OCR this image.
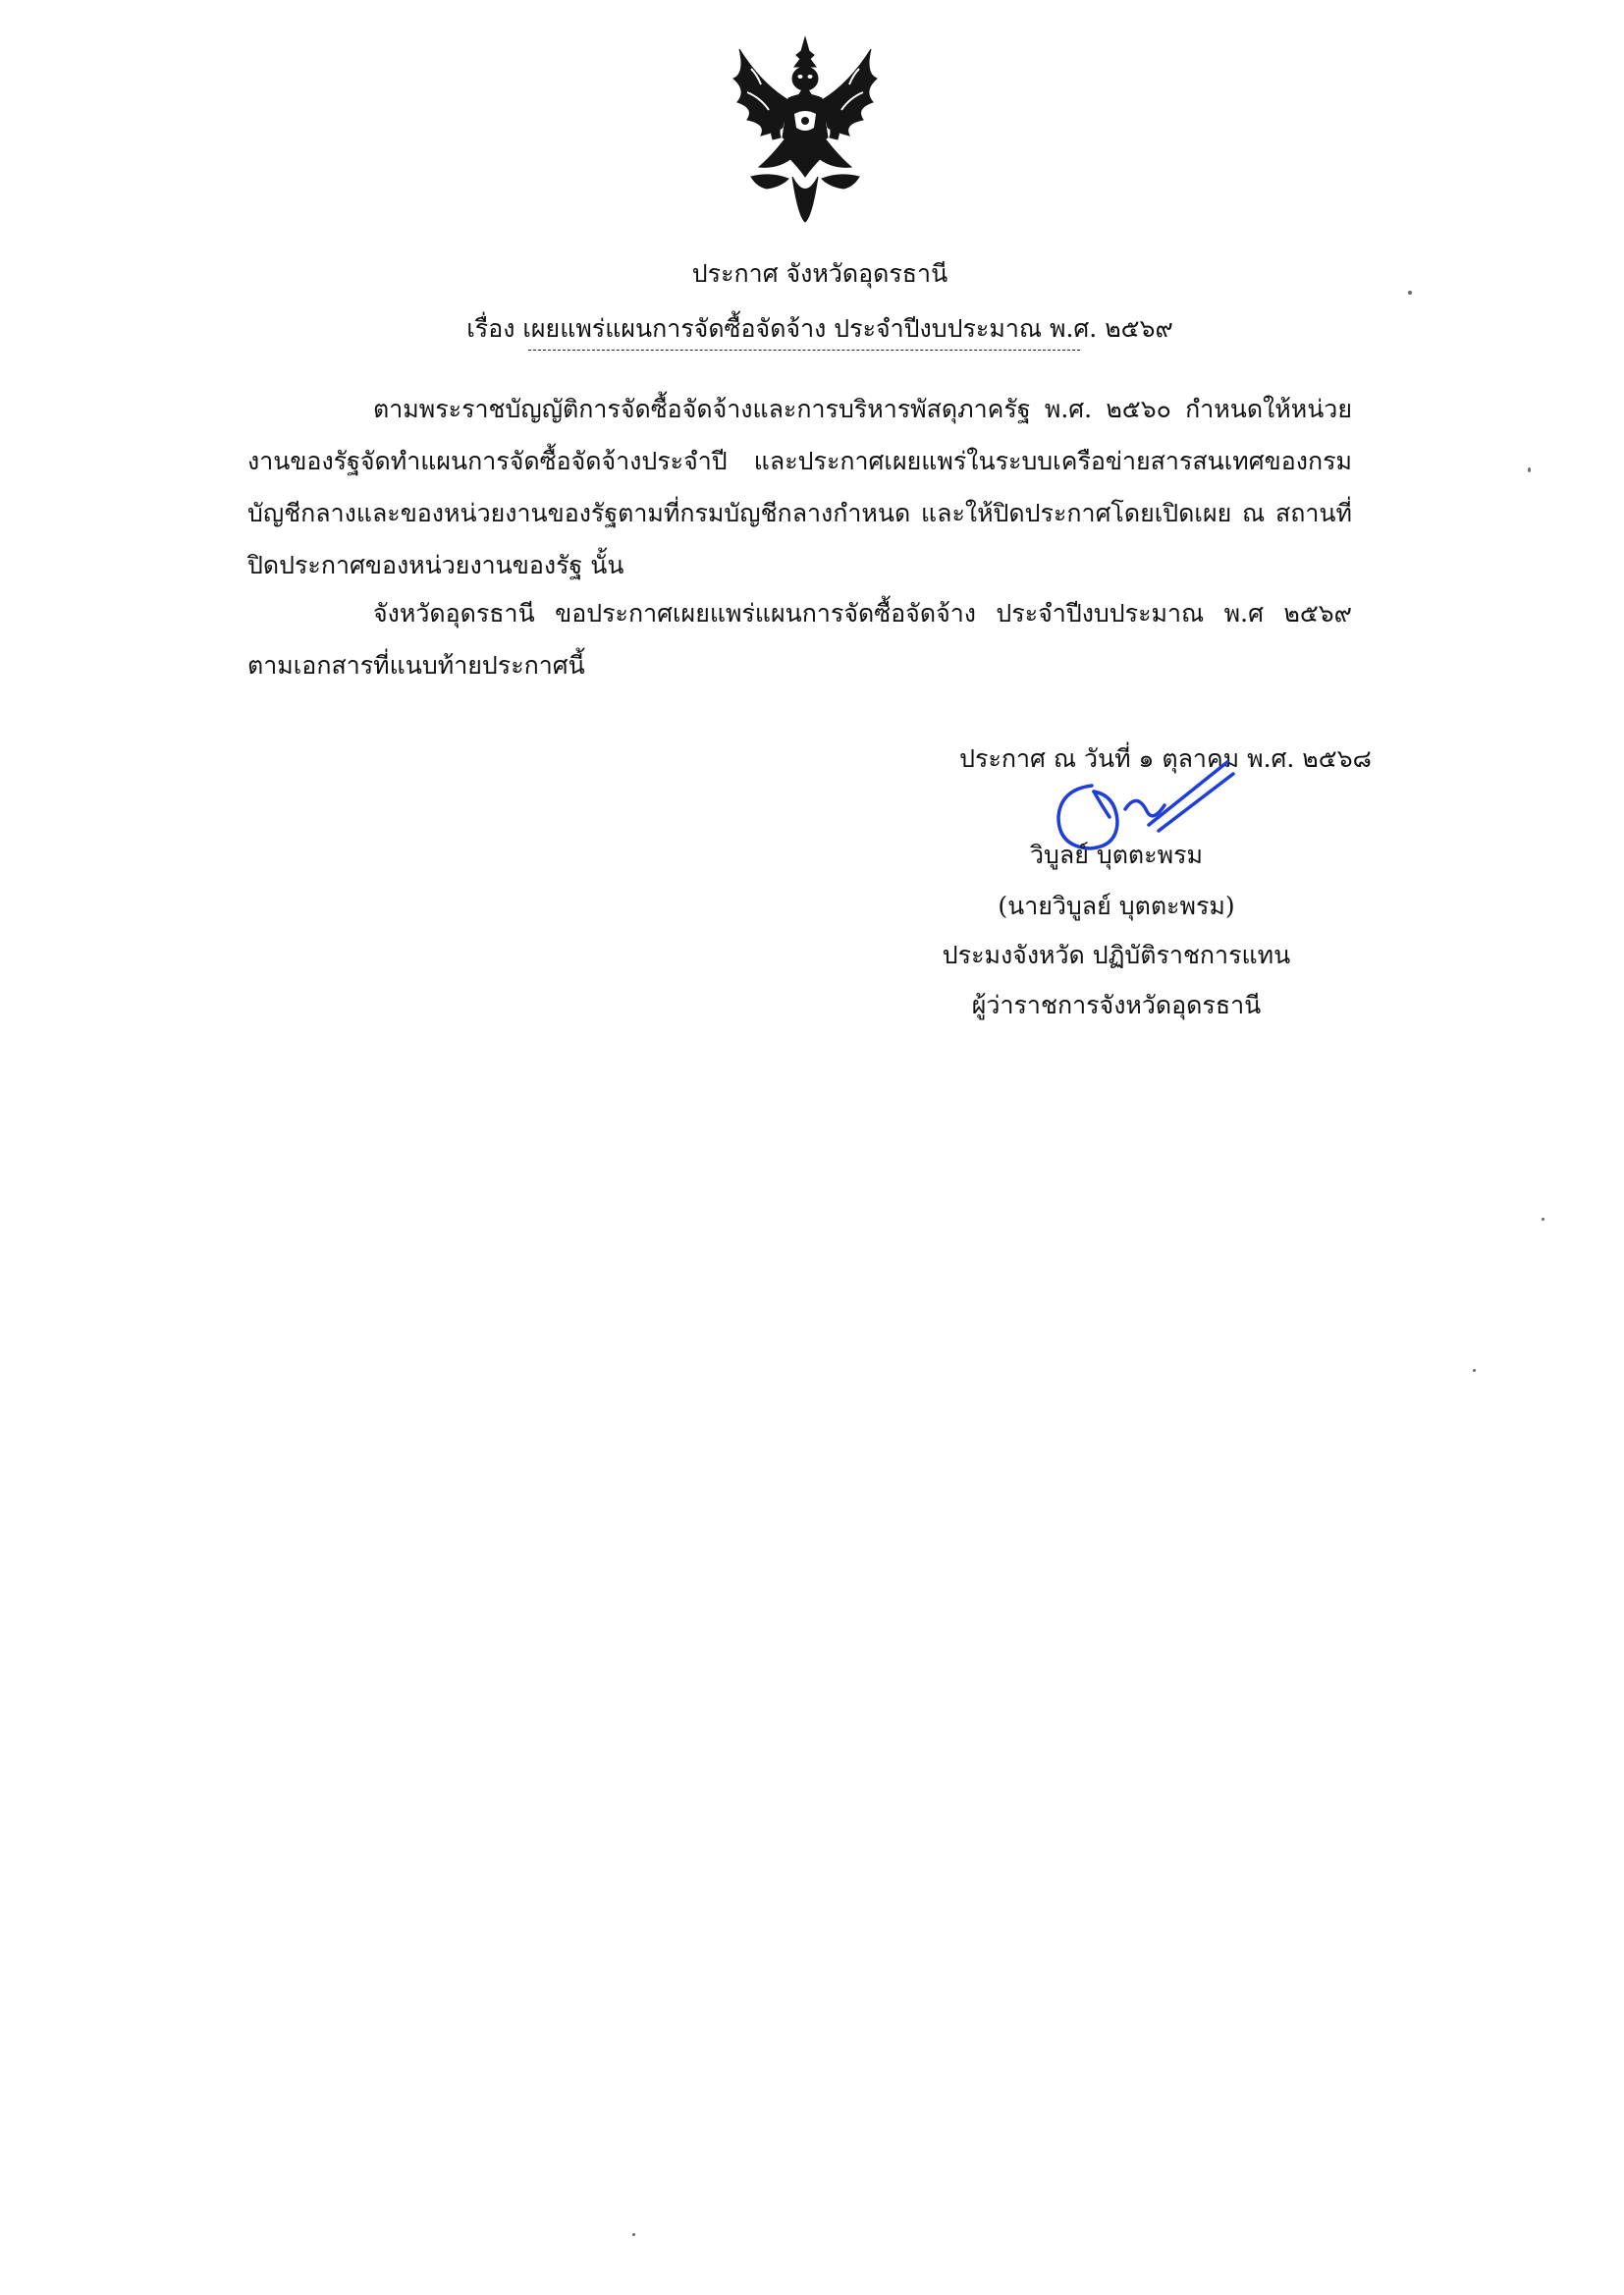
ประกาศ จังหวัดอุดรธานี
เรื่อง เผยแพร่แผนการจัดซื้อจัดจ้าง ประจำปีงบประมาณ พ.ศ. ๒๕๖๙
ตามพระราชบัญญัติการจัดซื้อจัดจ้างและการบริหารพัสดุภาครัฐ พ.ศ. ๒๕๖๐ กำหนดให้หน่วยงานของรัฐจัดทำแผนการจัดซื้อจัดจ้างประจำปี และประกาศเผยแพร่ในระบบเครือข่ายสารสนเทศของกรมบัญชีกลางและของหน่วยงานของรัฐตามที่กรมบัญชีกลางกำหนด และให้ปิดประกาศโดยเปิดเผย ณ สถานที่ปิดประกาศของหน่วยงานของรัฐ นั้น
จังหวัดอุดรธานี ขอประกาศเผยแพร่แผนการจัดซื้อจัดจ้าง ประจำปีงบประมาณ พ.ศ ๒๕๖๙ ตามเอกสารที่แนบท้ายประกาศนี้
ประกาศ ณ วันที่ ๑ ตุลาคม พ.ศ. ๒๕๖๘
วิบูลย์ บุตตะพรม
(นายวิบูลย์ บุตตะพรม)
ประมงจังหวัด ปฏิบัติราชการแทน
ผู้ว่าราชการจังหวัดอุดรธานี
